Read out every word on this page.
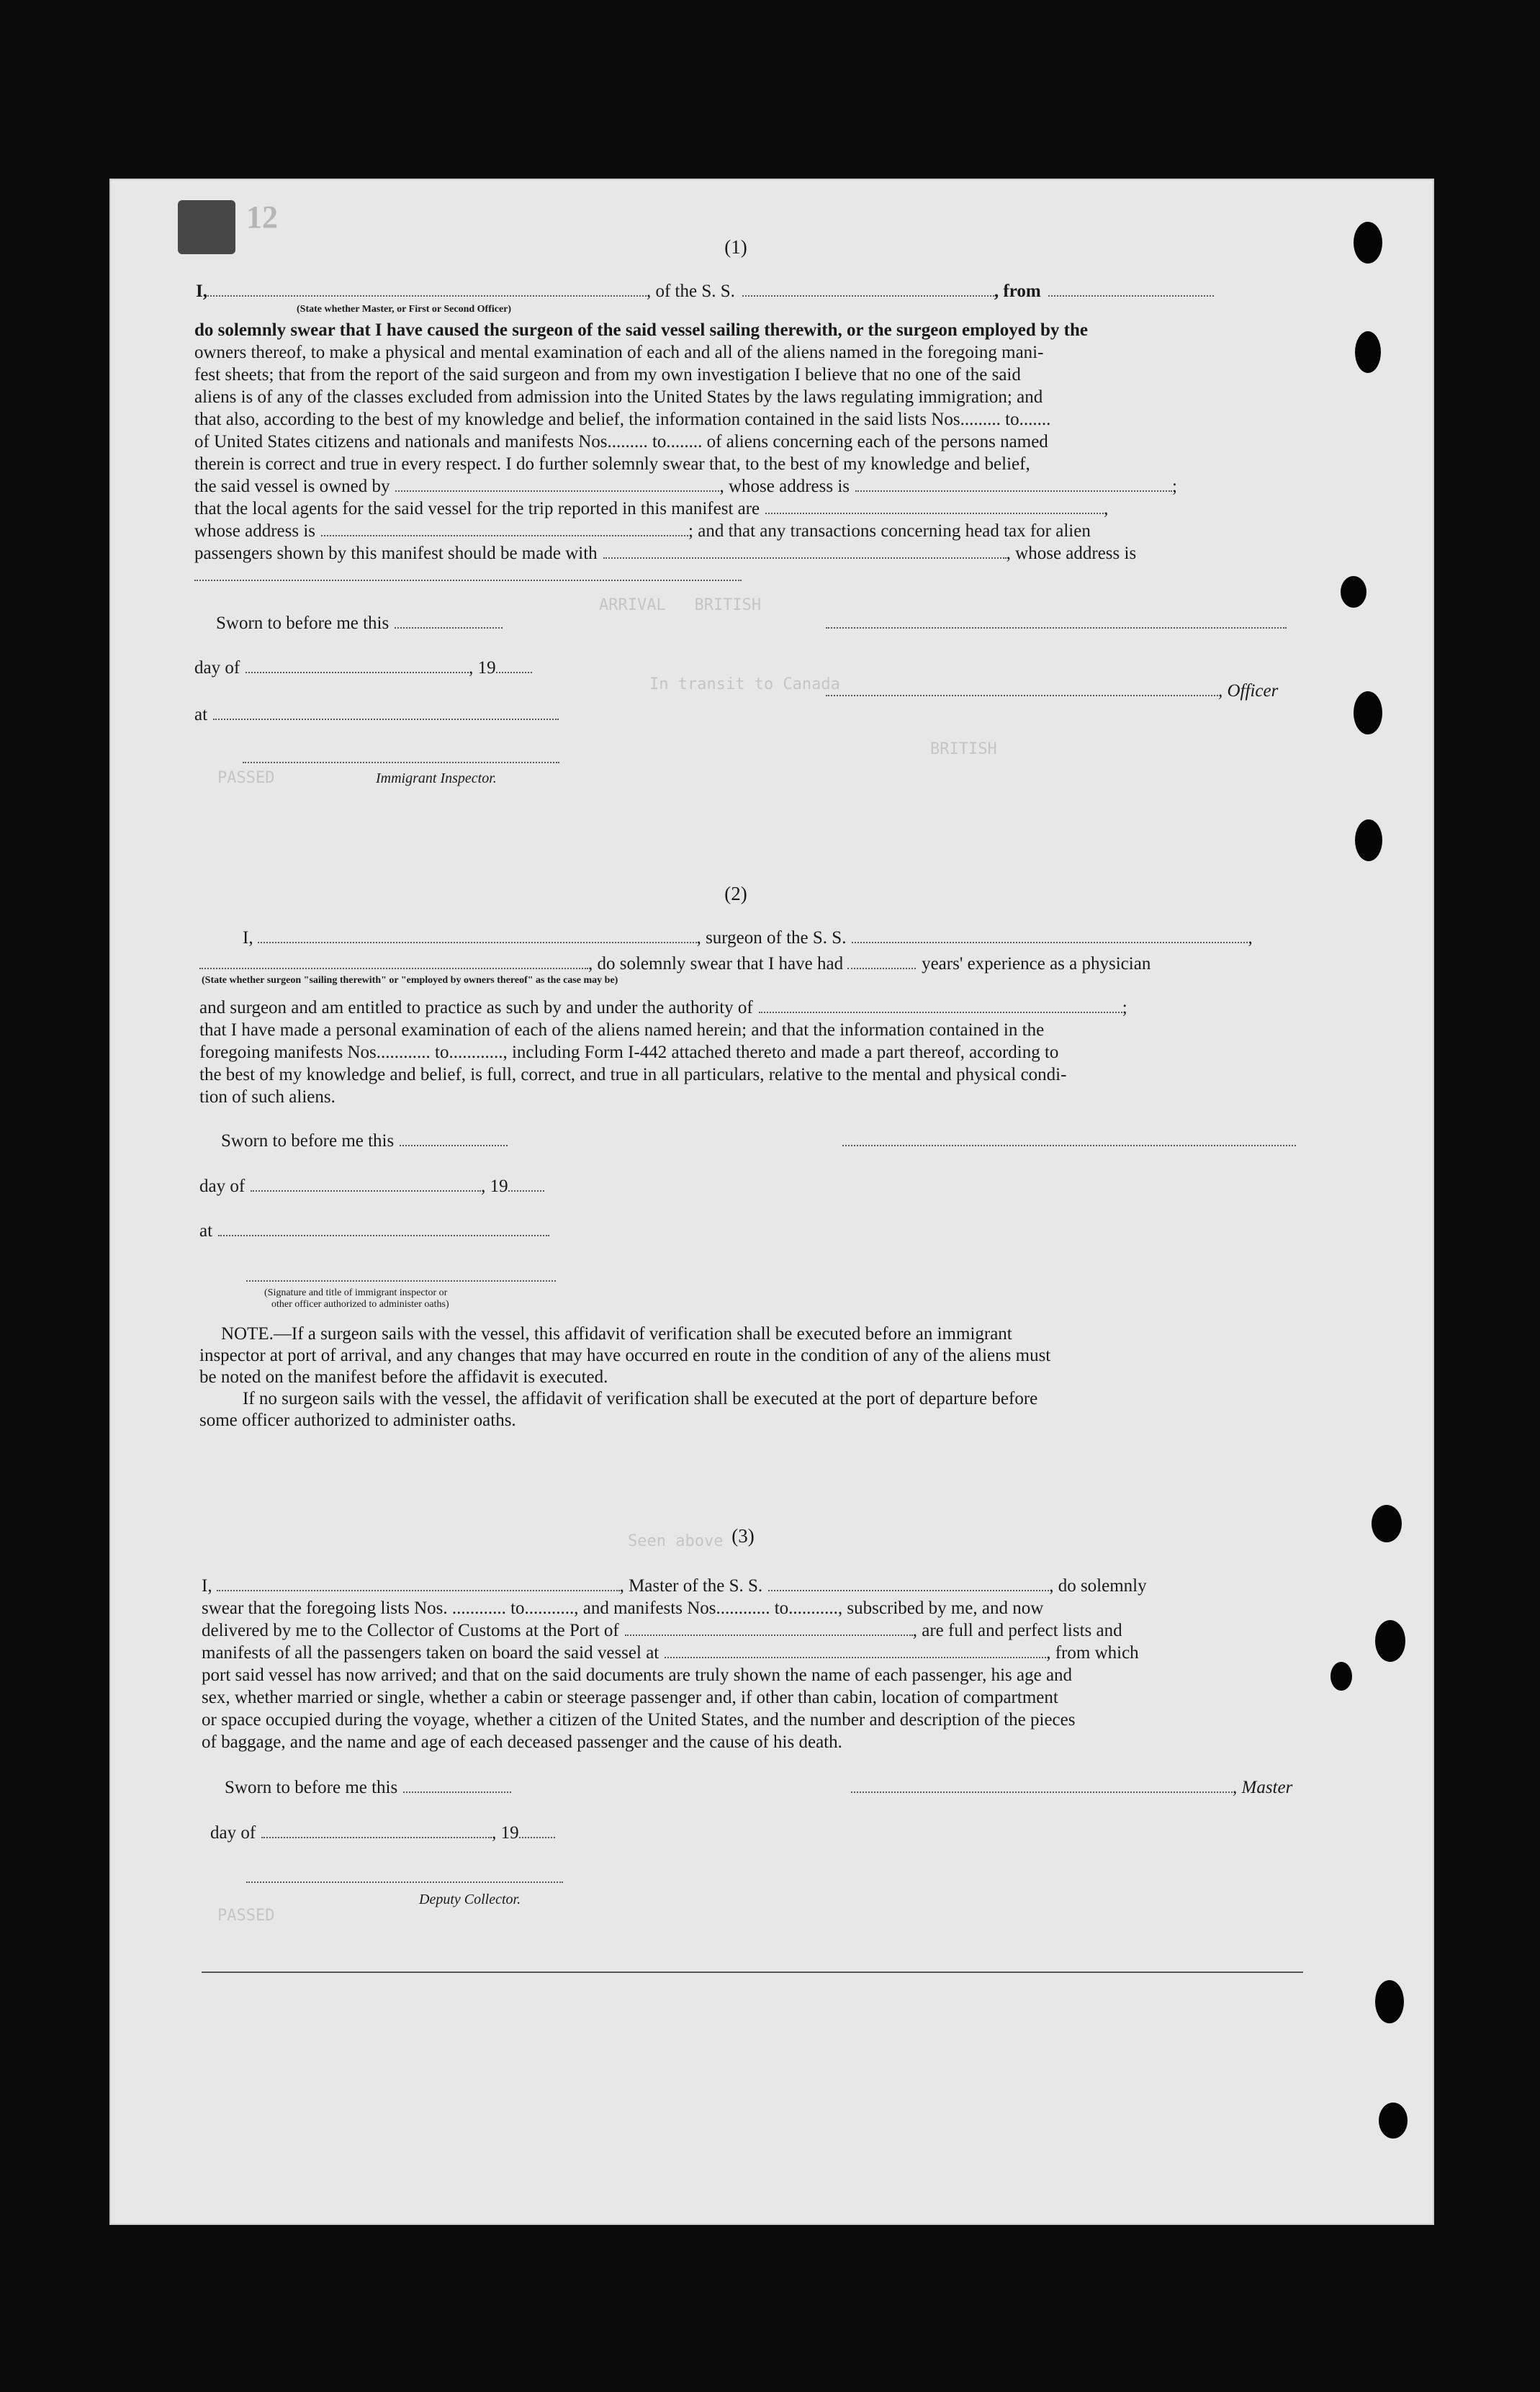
12
ARRIVAL   BRITISH
In transit to Canada
PASSED
BRITISH
Seen above
PASSED
(1)
I,	, of the S. S.	, from
(State whether Master, or First or Second Officer)
do solemnly swear that I have caused the surgeon of the said vessel sailing therewith, or the surgeon employed by the
owners thereof, to make a physical and mental examination of each and all of the aliens named in the foregoing mani-
fest sheets; that from the report of the said surgeon and from my own investigation I believe that no one of the said
aliens is of any of the classes excluded from admission into the United States by the laws regulating immigration; and
that also, according to the best of my knowledge and belief, the information contained in the said lists Nos......... to.......
of United States citizens and nationals and manifests Nos......... to........ of aliens concerning each of the persons named
therein is correct and true in every respect. I do further solemnly swear that, to the best of my knowledge and belief,
the said vessel is owned by	, whose address is	;
that the local agents for the said vessel for the trip reported in this manifest are	,
whose address is	; and that any transactions concerning head tax for alien
passengers shown by this manifest should be made with	, whose address is
Sworn to before me this
day of	, 19
, Officer
at
Immigrant Inspector.
(2)
I,	, surgeon of the S. S.	,
, do solemnly swear that I have had	years' experience as a physician
(State whether surgeon "sailing therewith" or "employed by owners thereof" as the case may be)
and surgeon and am entitled to practice as such by and under the authority of	;
that I have made a personal examination of each of the aliens named herein; and that the information contained in the
foregoing manifests Nos............ to............, including Form I-442 attached thereto and made a part thereof, according to
the best of my knowledge and belief, is full, correct, and true in all particulars, relative to the mental and physical condi-
tion of such aliens.
Sworn to before me this
day of	, 19
at
(Signature and title of immigrant inspector or
other officer authorized to administer oaths)
NOTE.—If a surgeon sails with the vessel, this affidavit of verification shall be executed before an immigrant
inspector at port of arrival, and any changes that may have occurred en route in the condition of any of the aliens must
be noted on the manifest before the affidavit is executed.
If no surgeon sails with the vessel, the affidavit of verification shall be executed at the port of departure before
some officer authorized to administer oaths.
(3)
I,	, Master of the S. S.	, do solemnly
swear that the foregoing lists Nos. ............ to..........., and manifests Nos............ to..........., subscribed by me, and now
delivered by me to the Collector of Customs at the Port of	, are full and perfect lists and
manifests of all the passengers taken on board the said vessel at	, from which
port said vessel has now arrived; and that on the said documents are truly shown the name of each passenger, his age and
sex, whether married or single, whether a cabin or steerage passenger and, if other than cabin, location of compartment
or space occupied during the voyage, whether a citizen of the United States, and the number and description of the pieces
of baggage, and the name and age of each deceased passenger and the cause of his death.
Sworn to before me this	, Master
day of	, 19
Deputy Collector.
